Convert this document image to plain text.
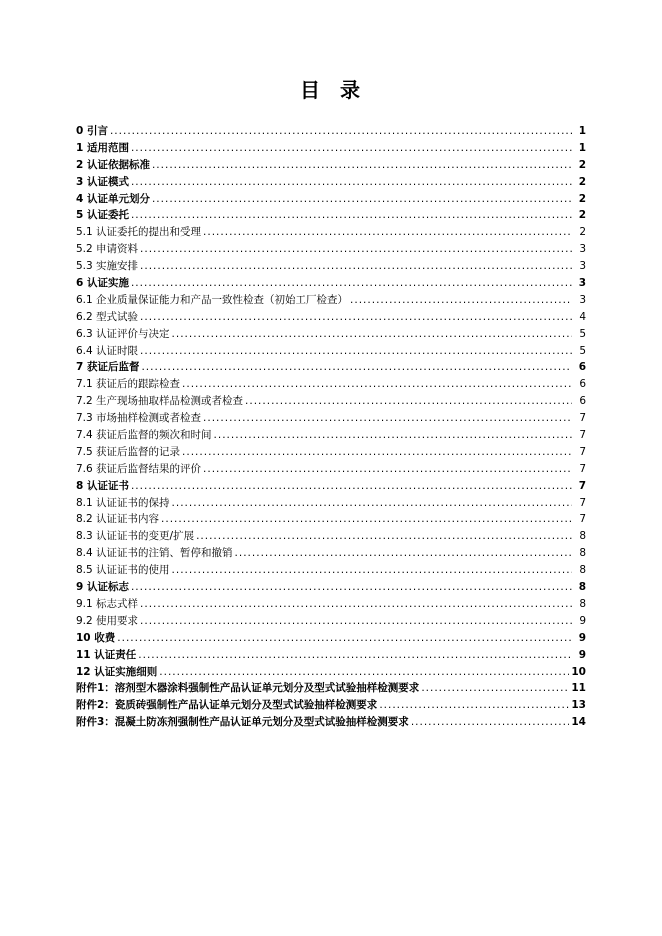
目  录
0 引言 .....	1
1 适用范围 .....	1
2 认证依据标准 .....	2
3 认证模式 .....	2
4 认证单元划分 .....	2
5 认证委托 .....	2
5.1 认证委托的提出和受理 .....	2
5.2 申请资料 .....	3
5.3 实施安排 .....	3
6 认证实施 .....	3
6.1 企业质量保证能力和产品一致性检查（初始工厂检查） .....	3
6.2 型式试验 .....	4
6.3 认证评价与决定 .....	5
6.4 认证时限 .....	5
7 获证后监督 .....	6
7.1 获证后的跟踪检查 .....	6
7.2 生产现场抽取样品检测或者检查 .....	6
7.3 市场抽样检测或者检查 .....	7
7.4 获证后监督的频次和时间 .....	7
7.5 获证后监督的记录 .....	7
7.6 获证后监督结果的评价 .....	7
8 认证证书 .....	7
8.1 认证证书的保持 .....	7
8.2 认证证书内容 .....	7
8.3 认证证书的变更/扩展 .....	8
8.4 认证证书的注销、暂停和撤销 .....	8
8.5 认证证书的使用 .....	8
9 认证标志 .....	8
9.1 标志式样 .....	8
9.2 使用要求 .....	9
10 收费 .....	9
11 认证责任 .....	9
12 认证实施细则 .....	10
附件1：溶剂型木器涂料强制性产品认证单元划分及型式试验抽样检测要求 .....	11
附件2：瓷质砖强制性产品认证单元划分及型式试验抽样检测要求 .....	13
附件3：混凝土防冻剂强制性产品认证单元划分及型式试验抽样检测要求 .....	14
